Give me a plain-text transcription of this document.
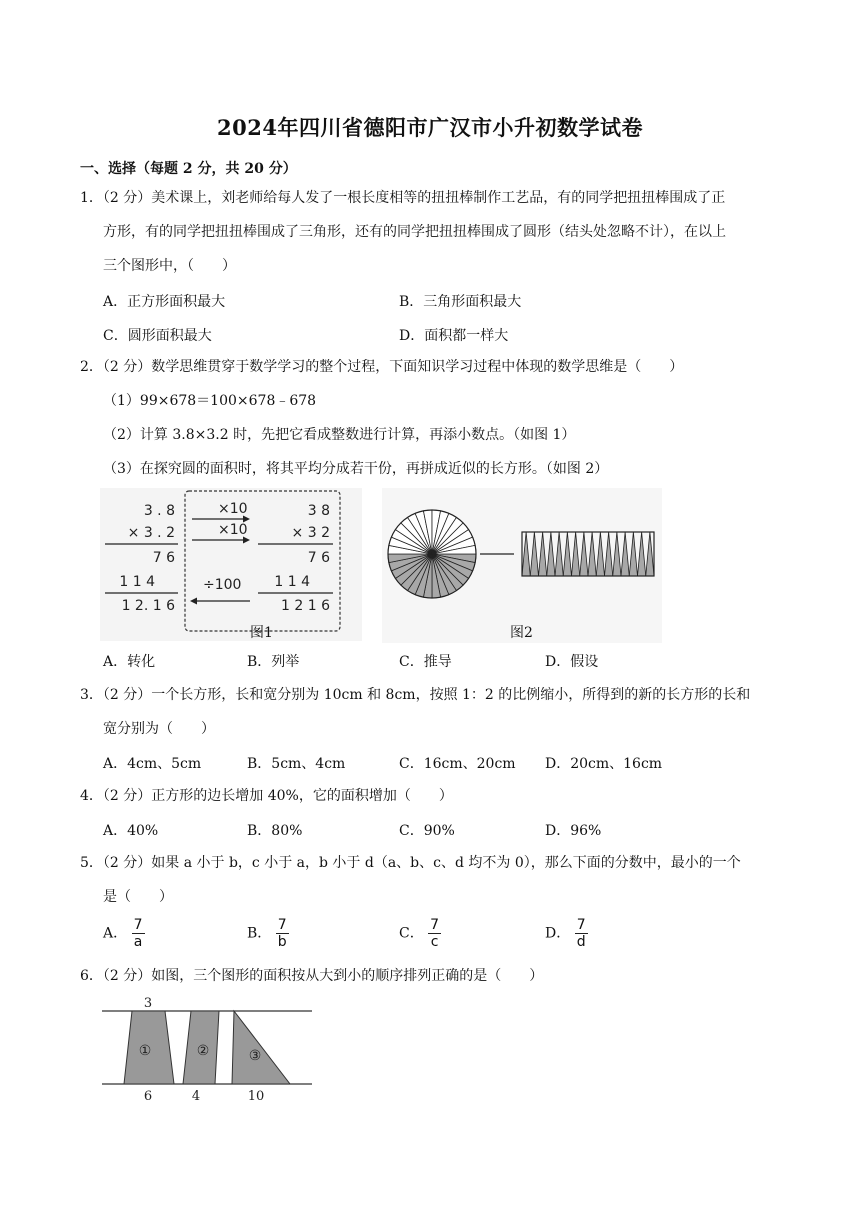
2024年四川省德阳市广汉市小升初数学试卷
一、选择（每题 2 分，共 20 分）
1．（2 分）美术课上，刘老师给每人发了一根长度相等的扭扭棒制作工艺品，有的同学把扭扭棒围成了正
方形，有的同学把扭扭棒围成了三角形，还有的同学把扭扭棒围成了圆形（结头处忽略不计），在以上
三个图形中，（　　）
A．正方形面积最大	B．三角形面积最大
C．圆形面积最大	D．面积都一样大
2．（2 分）数学思维贯穿于数学学习的整个过程，下面知识学习过程中体现的数学思维是（　　）
（1）99×678＝100×678﹣678
（2）计算 3.8×3.2 时，先把它看成整数进行计算，再添小数点。（如图 1）
（3）在探究圆的面积时，将其平均分成若干份，再拼成近似的长方形。（如图 2）
3 . 8
× 3 . 2
7 6
1 1 4
1 2. 1 6
×10
×10
÷100
3 8
× 3 2
7 6
1 1 4
1 2 1 6
图1	图2
A．转化	B．列举	C．推导	D．假设
3．（2 分）一个长方形，长和宽分别为 10cm 和 8cm，按照 1：2 的比例缩小，所得到的新的长方形的长和
宽分别为（　　）
A．4cm、5cm	B．5cm、4cm	C．16cm、20cm D．20cm、16cm
4．（2 分）正方形的边长增加 40%，它的面积增加（　　）
A．40%	B．80%	C．90%	D．96%
5．（2 分）如果 a 小于 b，c 小于 a，b 小于 d（a、b、c、d 均不为 0），那么下面的分数中，最小的一个
是（　　）
A． $\frac{7}{a}$	B． $\frac{7}{b}$	C． $\frac{7}{c}$	D． $\frac{7}{d}$
6．（2 分）如图，三个图形的面积按从大到小的顺序排列正确的是（　　）
3
①	②	③
6	4	10
